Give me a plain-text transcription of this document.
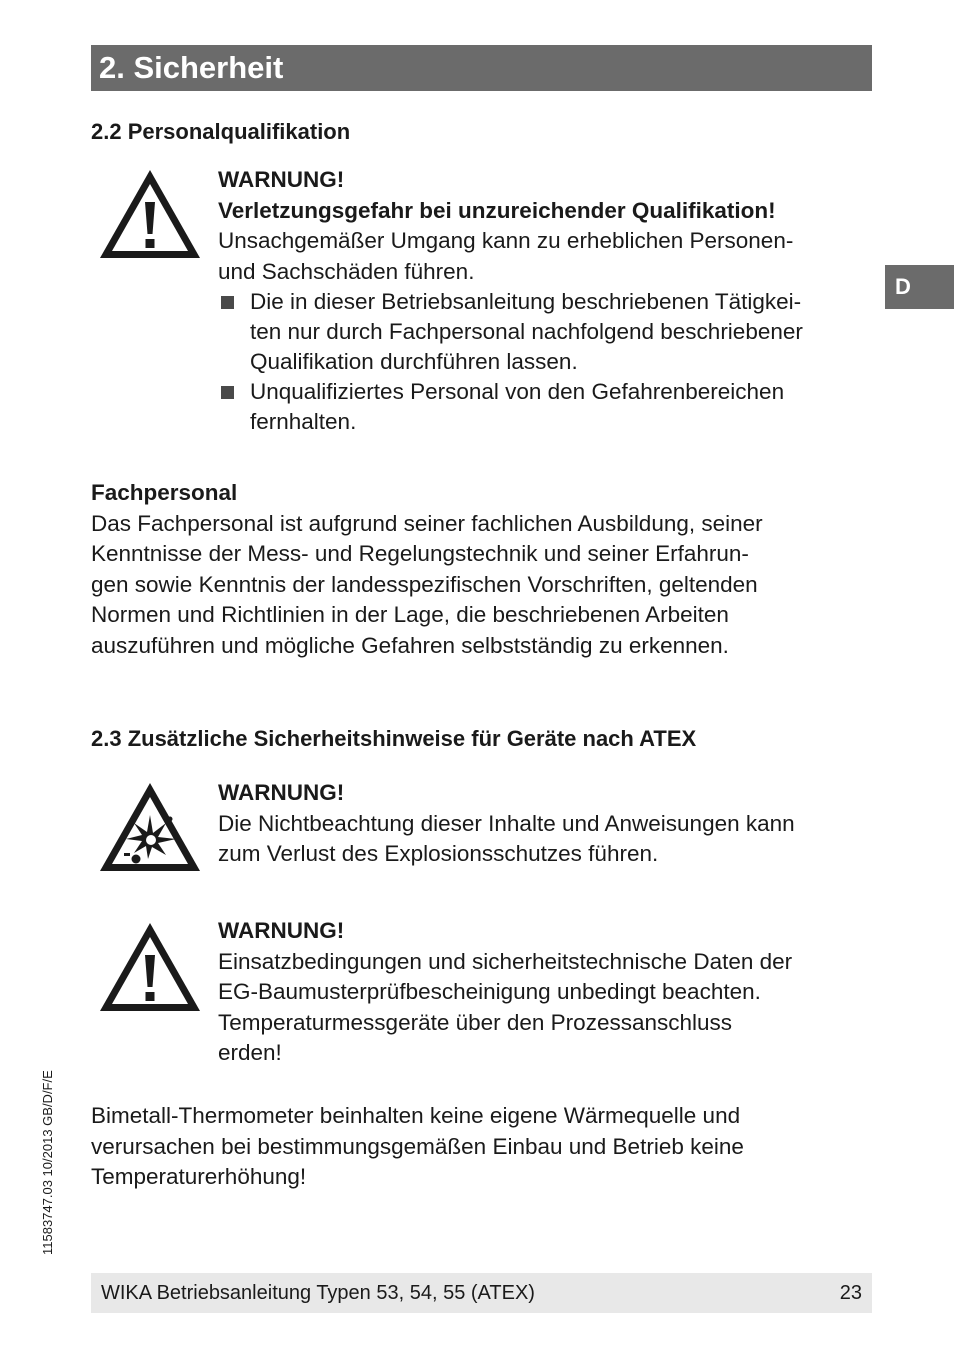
2. Sicherheit
D
2.2 Personalqualifikation
WARNUNG!
Verletzungsgefahr bei unzureichender Qualifikation!
Unsachgemäßer Umgang kann zu erheblichen Personen-
und Sachschäden führen.
Die in dieser Betriebsanleitung beschriebenen Tätigkei-
ten nur durch Fachpersonal nachfolgend beschriebener
Qualifikation durchführen lassen.
Unqualifiziertes Personal von den Gefahrenbereichen
fernhalten.
Fachpersonal
Das Fachpersonal ist aufgrund seiner fachlichen Ausbildung, seiner
Kenntnisse der Mess- und Regelungstechnik und seiner Erfahrun-
gen sowie Kenntnis der landesspezifischen Vorschriften, geltenden
Normen und Richtlinien in der Lage, die beschriebenen Arbeiten
auszuführen und mögliche Gefahren selbstständig zu erkennen.
2.3 Zusätzliche Sicherheitshinweise für Geräte nach ATEX
WARNUNG!
Die Nichtbeachtung dieser Inhalte und Anweisungen kann
zum Verlust des Explosionsschutzes führen.
WARNUNG!
Einsatzbedingungen und sicherheitstechnische Daten der
EG-Baumusterprüfbescheinigung unbedingt beachten.
Temperaturmessgeräte über den Prozessanschluss
erden!
Bimetall-Thermometer beinhalten keine eigene Wärmequelle und
verursachen bei bestimmungsgemäßen Einbau und Betrieb keine
Temperaturerhöhung!
11583747.03 10/2013 GB/D/F/E
WIKA Betriebsanleitung Typen 53, 54, 55 (ATEX)	23
